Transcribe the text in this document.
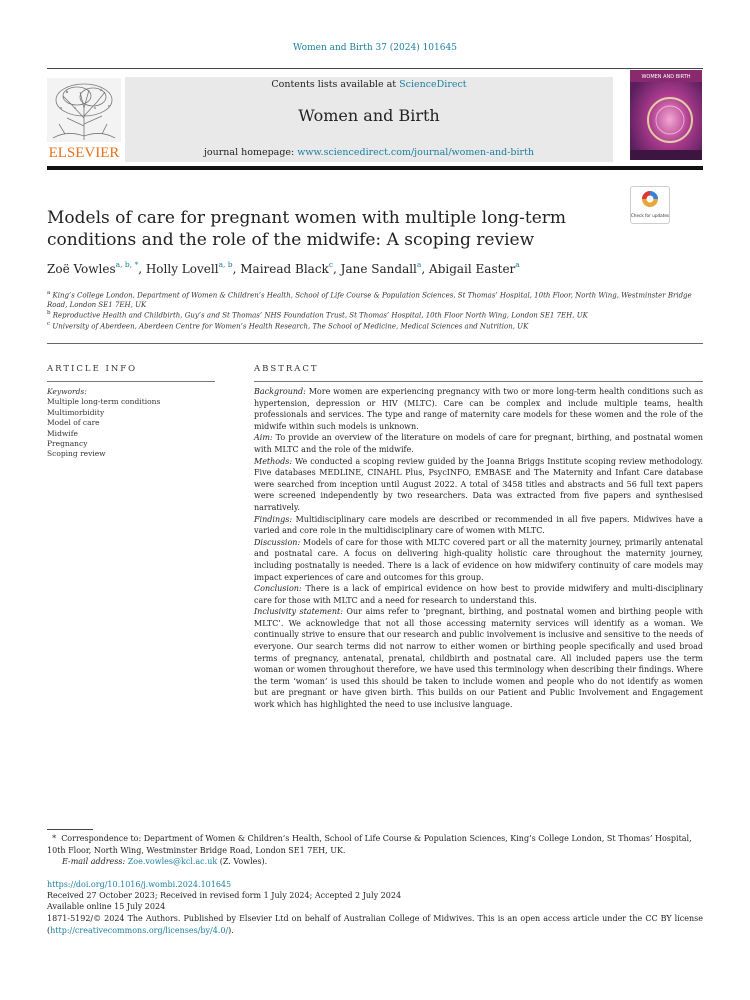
Women and Birth 37 (2024) 101645
ELSEVIER
Contents lists available at ScienceDirect
Women and Birth
journal homepage: www.sciencedirect.com/journal/women-and-birth
WOMEN AND BIRTH
Check for updates
Models of care for pregnant women with multiple long-term conditions and the role of the midwife: A scoping review
Zoë Vowles$^{a, b, *}$, Holly Lovell$^{a, b}$, Mairead Black$^c$, Jane Sandall$^a$, Abigail Easter$^a$
$^a$ King’s College London, Department of Women & Children’s Health, School of Life Course & Population Sciences, St Thomas’ Hospital, 10th Floor, North Wing, Westminster Bridge Road, London SE1 7EH, UK
$^b$ Reproductive Health and Childbirth, Guy’s and St Thomas’ NHS Foundation Trust, St Thomas’ Hospital, 10th Floor North Wing, London SE1 7EH, UK
$^c$ University of Aberdeen, Aberdeen Centre for Women’s Health Research, The School of Medicine, Medical Sciences and Nutrition, UK
ARTICLE INFO	ABSTRACT
Keywords:
Multiple long-term conditions
Multimorbidity
Model of care
Midwife
Pregnancy
Scoping review

Background: More women are experiencing pregnancy with two or more long-term health conditions such as hypertension, depression or HIV (MLTC). Care can be complex and include multiple teams, health professionals and services. The type and range of maternity care models for these women and the role of the midwife within such models is unknown.

Aim: To provide an overview of the literature on models of care for pregnant, birthing, and postnatal women with MLTC and the role of the midwife.

Methods: We conducted a scoping review guided by the Joanna Briggs Institute scoping review methodology. Five databases MEDLINE, CINAHL Plus, PsycINFO, EMBASE and The Maternity and Infant Care database were searched from inception until August 2022. A total of 3458 titles and abstracts and 56 full text papers were screened independently by two researchers. Data was extracted from five papers and synthesised narratively.

Findings: Multidisciplinary care models are described or recommended in all five papers. Midwives have a varied and core role in the multidisciplinary care of women with MLTC.

Discussion: Models of care for those with MLTC covered part or all the maternity journey, primarily antenatal and postnatal care. A focus on delivering high-quality holistic care throughout the maternity journey, including postnatally is needed. There is a lack of evidence on how midwifery continuity of care models may impact experiences of care and outcomes for this group.

Conclusion: There is a lack of empirical evidence on how best to provide midwifery and multi-disciplinary care for those with MLTC and a need for research to understand this.

Inclusivity statement: Our aims refer to ‘pregnant, birthing, and postnatal women and birthing people with MLTC’. We acknowledge that not all those accessing maternity services will identify as a woman. We continually strive to ensure that our research and public involvement is inclusive and sensitive to the needs of everyone. Our search terms did not narrow to either women or birthing people specifically and used broad terms of pregnancy, antenatal, prenatal, childbirth and postnatal care. All included papers use the term woman or women throughout therefore, we have used this terminology when describing their findings. Where the term ‘woman’ is used this should be taken to include women and people who do not identify as women but are pregnant or have given birth. This builds on our Patient and Public Involvement and Engagement work which has highlighted the need to use inclusive language.

* Correspondence to: Department of Women & Children’s Health, School of Life Course & Population Sciences, King’s College London, St Thomas’ Hospital, 10th Floor, North Wing, Westminster Bridge Road, London SE1 7EH, UK.
E-mail address: Zoe.vowles@kcl.ac.uk (Z. Vowles).
https://doi.org/10.1016/j.wombi.2024.101645
Received 27 October 2023; Received in revised form 1 July 2024; Accepted 2 July 2024
Available online 15 July 2024
1871-5192/© 2024 The Authors. Published by Elsevier Ltd on behalf of Australian College of Midwives. This is an open access article under the CC BY license (http://creativecommons.org/licenses/by/4.0/).
